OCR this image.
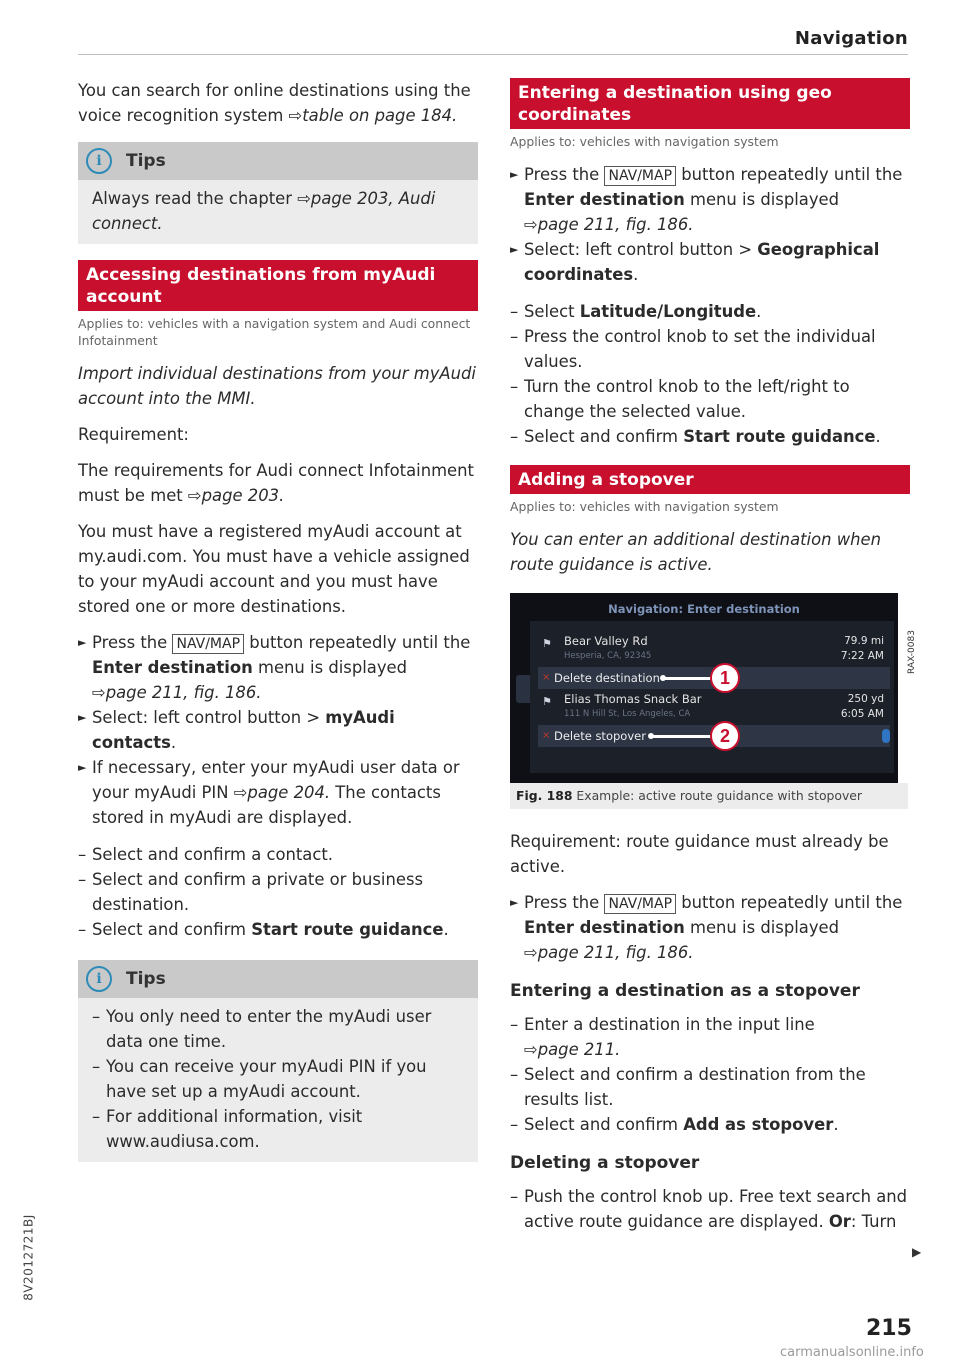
Navigation

You can search for online destinations using the voice recognition system ⇨table on page 184.

i	Tips

Always read the chapter ⇨page 203, Audi connect.

Accessing destinations from myAudi account
Applies to: vehicles with a navigation system and Audi connect Infotainment

Import individual destinations from your myAudi account into the MMI.

Requirement:

The requirements for Audi connect Infotainment must be met ⇨page 203.

You must have a registered myAudi account at my.audi.com. You must have a vehicle assigned to your myAudi account and you must have stored one or more destinations.

► Press the NAV/MAP button repeatedly until the Enter destination menu is displayed
⇨page 211, fig. 186.
► Select: left control button > myAudi contacts.
► If necessary, enter your myAudi user data or your myAudi PIN ⇨page 204. The contacts stored in myAudi are displayed.
– Select and confirm a contact.
– Select and confirm a private or business destination.
– Select and confirm Start route guidance.
i	Tips
– You only need to enter the myAudi user data one time.
– You can receive your myAudi PIN if you have set up a myAudi account.
– For additional information, visit www.audiusa.com.
Entering a destination using geo coordinates
Applies to: vehicles with navigation system
► Press the NAV/MAP button repeatedly until the Enter destination menu is displayed
⇨page 211, fig. 186.
► Select: left control button > Geographical coordinates.
– Select Latitude/Longitude.
– Press the control knob to set the individual values.
– Turn the control knob to the left/right to change the selected value.
– Select and confirm Start route guidance.
Adding a stopover
Applies to: vehicles with navigation system

You can enter an additional destination when route guidance is active.

RAX-0083
Navigation: Enter destination
⚑ Bear Valley Rd
Hesperia, CA, 92345
79.9 mi
7:22 AM
× Delete destination
⚑ Elias Thomas Snack Bar
111 N Hill St, Los Angeles, CA
250 yd
6:05 AM
× Delete stopover
1
2
Fig. 188 Example: active route guidance with stopover

Requirement: route guidance must already be active.

► Press the NAV/MAP button repeatedly until the Enter destination menu is displayed
⇨page 211, fig. 186.
Entering a destination as a stopover
– Enter a destination in the input line
⇨page 211.
– Select and confirm a destination from the results list.
– Select and confirm Add as stopover.
Deleting a stopover
– Push the control knob up. Free text search and active route guidance are displayed. Or: Turn
▶
8V2012721BJ
215
carmanualsonline.info
